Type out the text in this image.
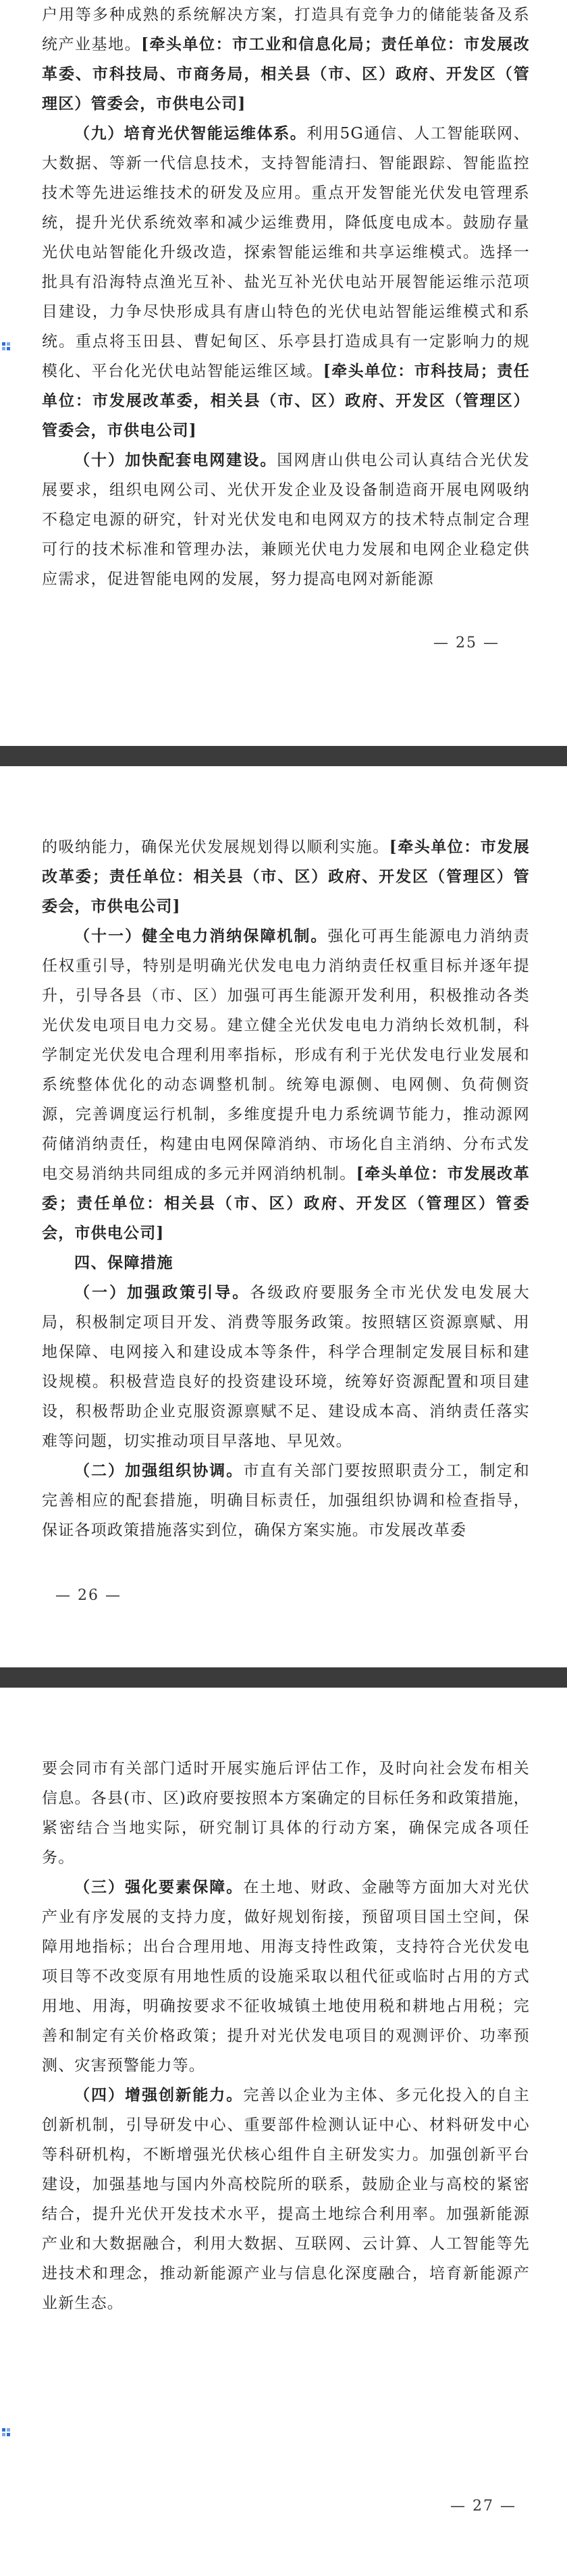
户用等多种成熟的系统解决方案，打造具有竞争力的储能装备及系统产业基地。[牵头单位：市工业和信息化局；责任单位：市发展改革委、市科技局、市商务局，相关县（市、区）政府、开发区（管理区）管委会，市供电公司]

（九）培育光伏智能运维体系。利用5G通信、人工智能联网、大数据、等新一代信息技术，支持智能清扫、智能跟踪、智能监控技术等先进运维技术的研发及应用。重点开发智能光伏发电管理系统，提升光伏系统效率和减少运维费用，降低度电成本。鼓励存量光伏电站智能化升级改造，探索智能运维和共享运维模式。选择一批具有沿海特点渔光互补、盐光互补光伏电站开展智能运维示范项目建设，力争尽快形成具有唐山特色的光伏电站智能运维模式和系统。重点将玉田县、曹妃甸区、乐亭县打造成具有一定影响力的规模化、平台化光伏电站智能运维区域。[牵头单位：市科技局；责任单位：市发展改革委，相关县（市、区）政府、开发区（管理区）管委会，市供电公司]

（十）加快配套电网建设。国网唐山供电公司认真结合光伏发展要求，组织电网公司、光伏开发企业及设备制造商开展电网吸纳不稳定电源的研究，针对光伏发电和电网双方的技术特点制定合理可行的技术标准和管理办法，兼顾光伏电力发展和电网企业稳定供应需求，促进智能电网的发展，努力提高电网对新能源

— 25 —

的吸纳能力，确保光伏发展规划得以顺利实施。[牵头单位：市发展改革委；责任单位：相关县（市、区）政府、开发区（管理区）管委会，市供电公司]

（十一）健全电力消纳保障机制。强化可再生能源电力消纳责任权重引导，特别是明确光伏发电电力消纳责任权重目标并逐年提升，引导各县（市、区）加强可再生能源开发利用，积极推动各类光伏发电项目电力交易。建立健全光伏发电电力消纳长效机制，科学制定光伏发电合理利用率指标，形成有利于光伏发电行业发展和系统整体优化的动态调整机制。统筹电源侧、电网侧、负荷侧资源，完善调度运行机制，多维度提升电力系统调节能力，推动源网荷储消纳责任，构建由电网保障消纳、市场化自主消纳、分布式发电交易消纳共同组成的多元并网消纳机制。[牵头单位：市发展改革委；责任单位：相关县（市、区）政府、开发区（管理区）管委会，市供电公司]

四、保障措施

（一）加强政策引导。各级政府要服务全市光伏发电发展大局，积极制定项目开发、消费等服务政策。按照辖区资源禀赋、用地保障、电网接入和建设成本等条件，科学合理制定发展目标和建设规模。积极营造良好的投资建设环境，统筹好资源配置和项目建设，积极帮助企业克服资源禀赋不足、建设成本高、消纳责任落实难等问题，切实推动项目早落地、早见效。

（二）加强组织协调。市直有关部门要按照职责分工，制定和完善相应的配套措施，明确目标责任，加强组织协调和检查指导，保证各项政策措施落实到位，确保方案实施。市发展改革委

— 26 —

要会同市有关部门适时开展实施后评估工作，及时向社会发布相关信息。各县(市、区)政府要按照本方案确定的目标任务和政策措施，紧密结合当地实际，研究制订具体的行动方案，确保完成各项任务。

（三）强化要素保障。在土地、财政、金融等方面加大对光伏产业有序发展的支持力度，做好规划衔接，预留项目国土空间，保障用地指标；出台合理用地、用海支持性政策，支持符合光伏发电项目等不改变原有用地性质的设施采取以租代征或临时占用的方式用地、用海，明确按要求不征收城镇土地使用税和耕地占用税；完善和制定有关价格政策；提升对光伏发电项目的观测评价、功率预测、灾害预警能力等。

（四）增强创新能力。完善以企业为主体、多元化投入的自主创新机制，引导研发中心、重要部件检测认证中心、材料研发中心等科研机构，不断增强光伏核心组件自主研发实力。加强创新平台建设，加强基地与国内外高校院所的联系，鼓励企业与高校的紧密结合，提升光伏开发技术水平，提高土地综合利用率。加强新能源产业和大数据融合，利用大数据、互联网、云计算、人工智能等先进技术和理念，推动新能源产业与信息化深度融合，培育新能源产业新生态。

— 27 —
